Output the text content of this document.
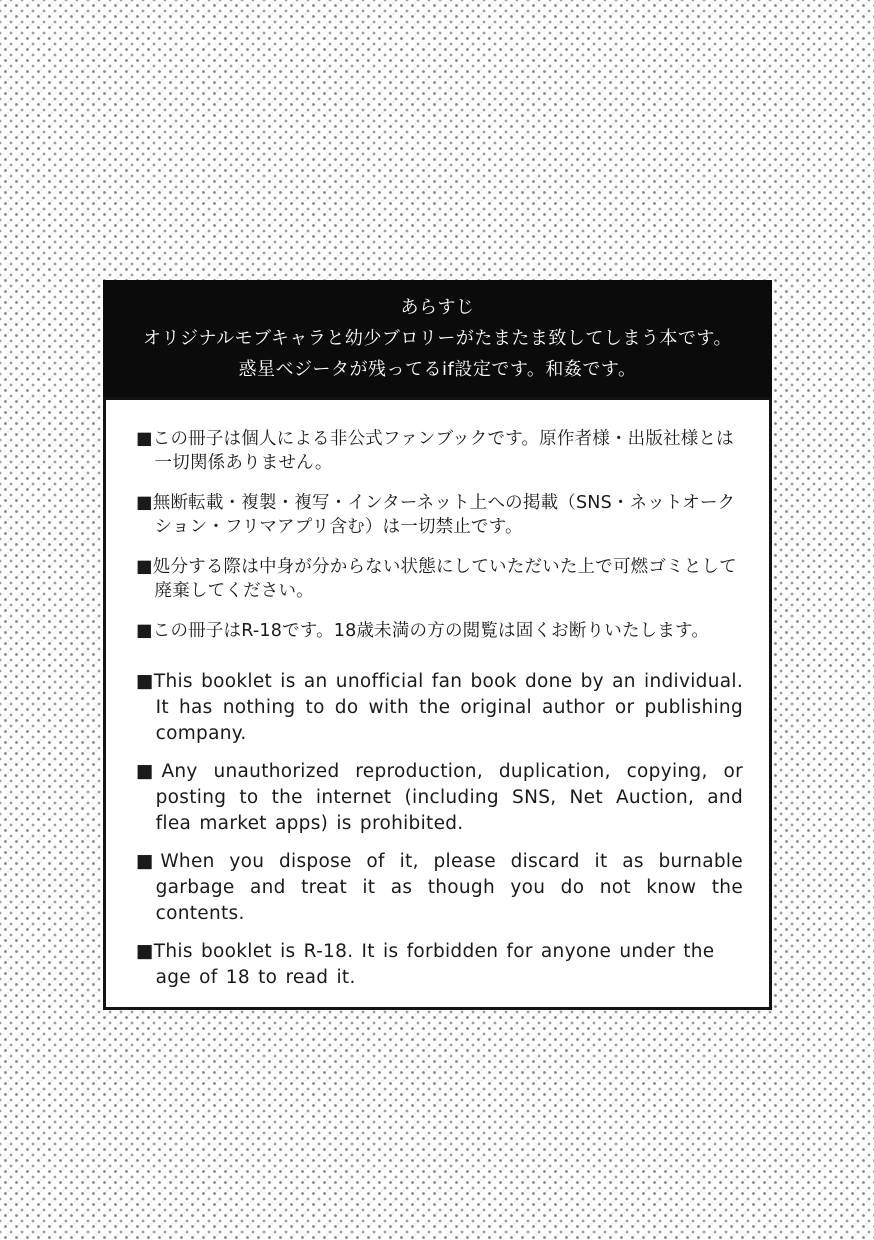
あらすじ
オリジナルモブキャラと幼少ブロリーがたまたま致してしまう本です。
惑星ベジータが残ってるif設定です。和姦です。
■この冊子は個人による非公式ファンブックです。原作者様・出版社様とは一切関係ありません。
■無断転載・複製・複写・インターネット上への掲載（SNS・ネットオークション・フリマアプリ含む）は一切禁止です。
■処分する際は中身が分からない状態にしていただいた上で可燃ゴミとして廃棄してください。
■この冊子はR-18です。18歳未満の方の閲覧は固くお断りいたします。
■This booklet is an unofficial fan book done by an individual. It has nothing to do with the original author or publishing company.
■Any unauthorized reproduction, duplication, copying, or posting to the internet (including SNS, Net Auction, and flea market apps) is prohibited.
■When you dispose of it, please discard it as burnable garbage and treat it as though you do not know the contents.
■This booklet is R-18. It is forbidden for anyone under the age of 18 to read it.
